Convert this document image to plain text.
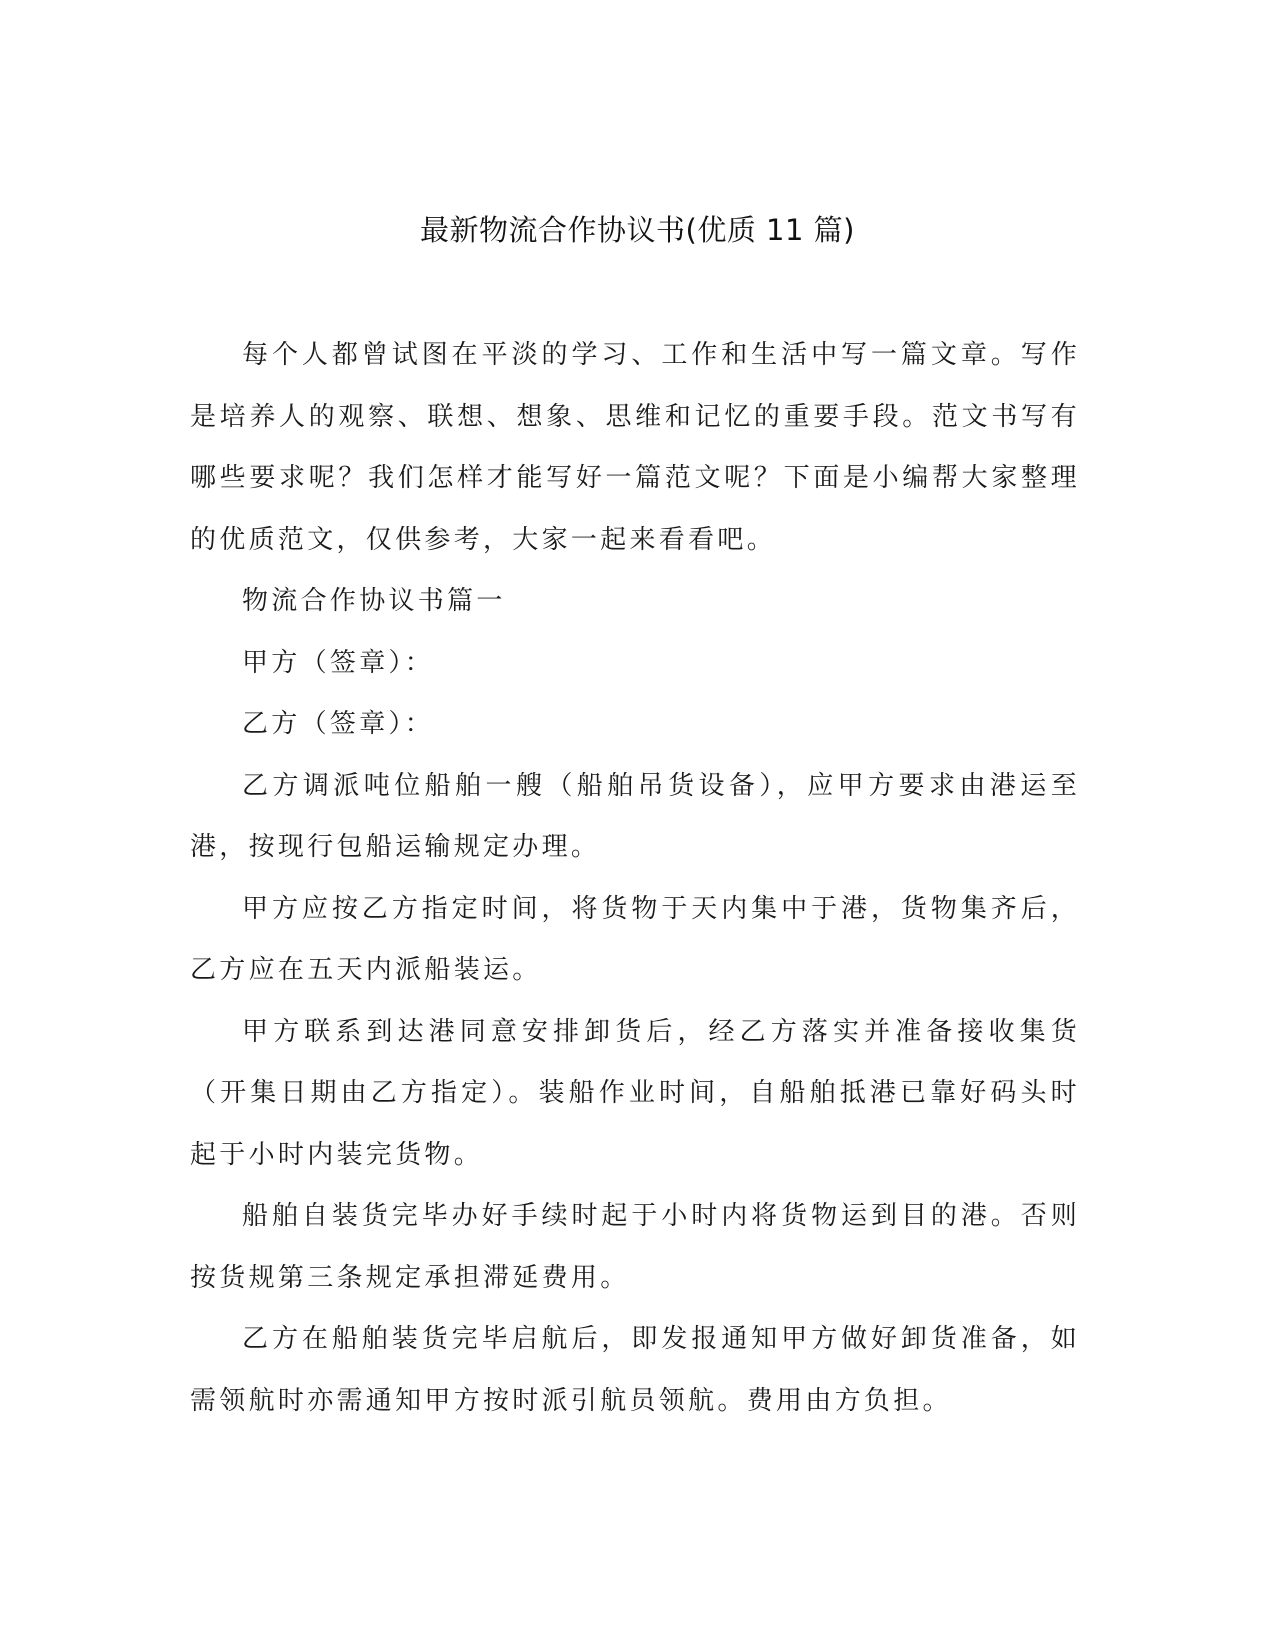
最新物流合作协议书(优质 11 篇)

每个人都曾试图在平淡的学习、工作和生活中写一篇文章。写作是培养人的观察、联想、想象、思维和记忆的重要手段。范文书写有哪些要求呢？我们怎样才能写好一篇范文呢？下面是小编帮大家整理的优质范文，仅供参考，大家一起来看看吧。

物流合作协议书篇一

甲方（签章）：

乙方（签章）：

乙方调派吨位船舶一艘（船舶吊货设备），应甲方要求由港运至港，按现行包船运输规定办理。

甲方应按乙方指定时间，将货物于天内集中于港，货物集齐后，乙方应在五天内派船装运。

甲方联系到达港同意安排卸货后，经乙方落实并准备接收集货（开集日期由乙方指定）。装船作业时间，自船舶抵港已靠好码头时起于小时内装完货物。

船舶自装货完毕办好手续时起于小时内将货物运到目的港。否则按货规第三条规定承担滞延费用。

乙方在船舶装货完毕启航后，即发报通知甲方做好卸货准备，如需领航时亦需通知甲方按时派引航员领航。费用由方负担。
